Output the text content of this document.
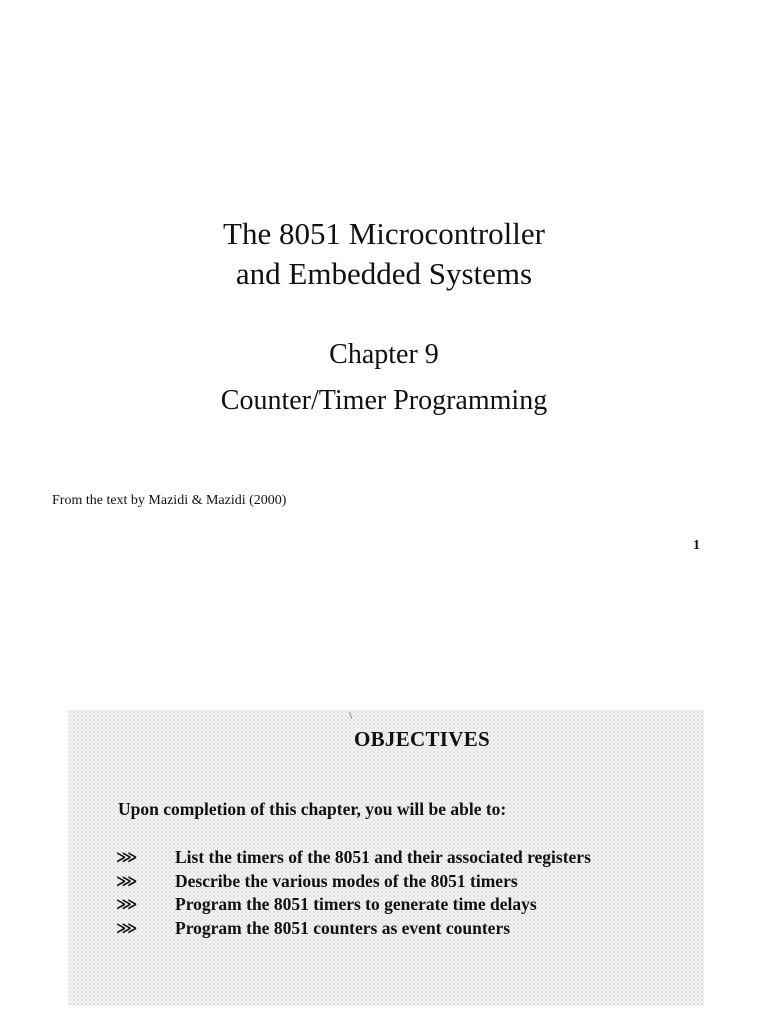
The 8051 Microcontroller
and Embedded Systems
Chapter 9
Counter/Timer Programming
From the text by Mazidi & Mazidi (2000)
1
\
OBJECTIVES
Upon completion of this chapter, you will be able to:
⋙	List the timers of the 8051 and their associated registers
⋙	Describe the various modes of the 8051 timers
⋙	Program the 8051 timers to generate time delays
⋙	Program the 8051 counters as event counters
